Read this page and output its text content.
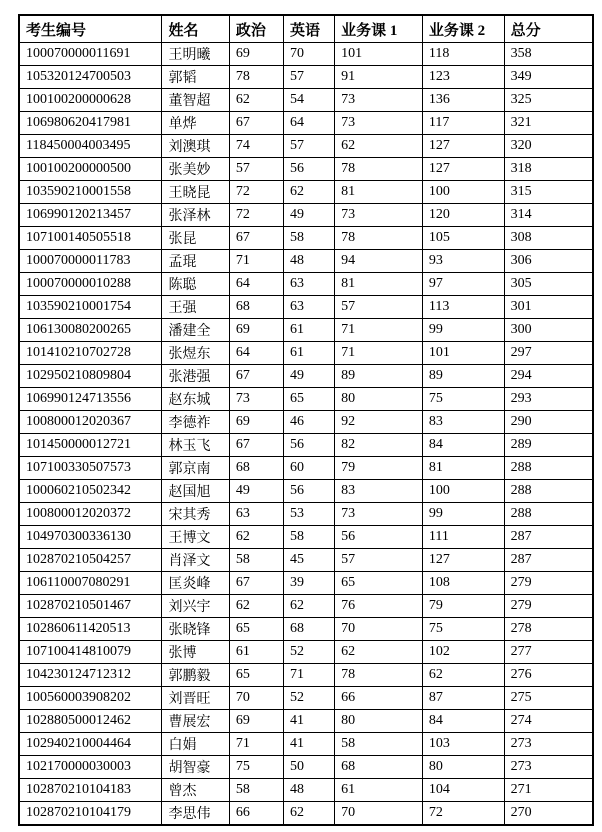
考生编号	姓名	政治	英语	业务课 1	业务课 2	总分
100070000011691	王明曦	69	70	101	118	358
105320124700503	郭韬	78	57	91	123	349
100100200000628	董智超	62	54	73	136	325
106980620417981	单烨	67	64	73	117	321
118450004003495	刘澳琪	74	57	62	127	320
100100200000500	张美妙	57	56	78	127	318
103590210001558	王晓昆	72	62	81	100	315
106990120213457	张泽林	72	49	73	120	314
107100140505518	张昆	67	58	78	105	308
100070000011783	孟琨	71	48	94	93	306
100070000010288	陈聪	64	63	81	97	305
103590210001754	王强	68	63	57	113	301
106130080200265	潘建全	69	61	71	99	300
101410210702728	张煜东	64	61	71	101	297
102950210809804	张港强	67	49	89	89	294
106990124713556	赵东城	73	65	80	75	293
100800012020367	李德祚	69	46	92	83	290
101450000012721	林玉飞	67	56	82	84	289
107100330507573	郭京南	68	60	79	81	288
100060210502342	赵国旭	49	56	83	100	288
100800012020372	宋其秀	63	53	73	99	288
104970300336130	王博文	62	58	56	111	287
102870210504257	肖泽文	58	45	57	127	287
106110007080291	匡炎峰	67	39	65	108	279
102870210501467	刘兴宇	62	62	76	79	279
102860611420513	张晓锋	65	68	70	75	278
107100414810079	张博	61	52	62	102	277
104230124712312	郭鹏毅	65	71	78	62	276
100560003908202	刘晋旺	70	52	66	87	275
102880500012462	曹展宏	69	41	80	84	274
102940210004464	白娟	71	41	58	103	273
102170000030003	胡智豪	75	50	68	80	273
102870210104183	曾杰	58	48	61	104	271
102870210104179	李思伟	66	62	70	72	270
